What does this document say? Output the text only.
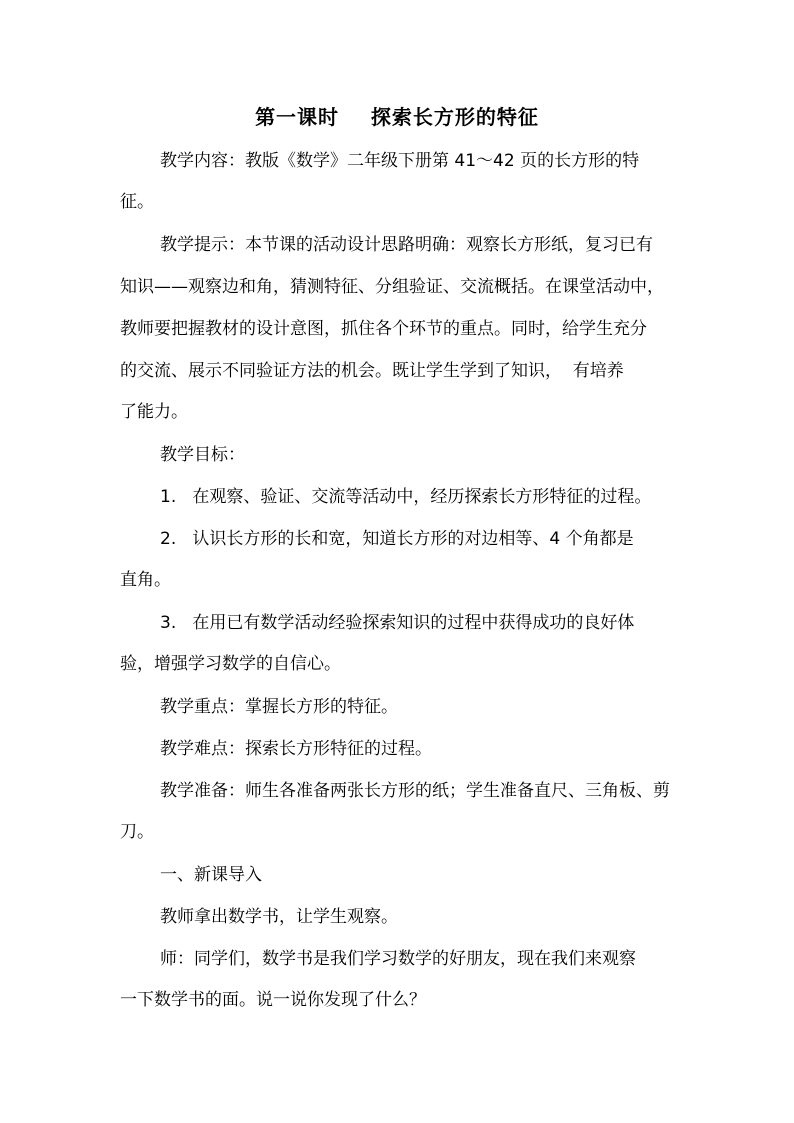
第一课时    探索长方形的特征
教学内容：教版《数学》二年级下册第 41～42 页的长方形的特
征。
教学提示：本节课的活动设计思路明确：观察长方形纸，复习已有
知识——观察边和角，猜测特征、分组验证、交流概括。在课堂活动中，
教师要把握教材的设计意图，抓住各个环节的重点。同时，给学生充分
的交流、展示不同验证方法的机会。既让学生学到了知识，  有培养
了能力。
教学目标：
1.   在观察、验证、交流等活动中，经历探索长方形特征的过程。
2.   认识长方形的长和宽，知道长方形的对边相等、4 个角都是
直角。
3.   在用已有数学活动经验探索知识的过程中获得成功的良好体
验，增强学习数学的自信心。
教学重点：掌握长方形的特征。
教学难点：探索长方形特征的过程。
教学准备：师生各准备两张长方形的纸；学生准备直尺、三角板、剪
刀。
一、新课导入
教师拿出数学书，让学生观察。
师：同学们，数学书是我们学习数学的好朋友，现在我们来观察
一下数学书的面。说一说你发现了什么？
